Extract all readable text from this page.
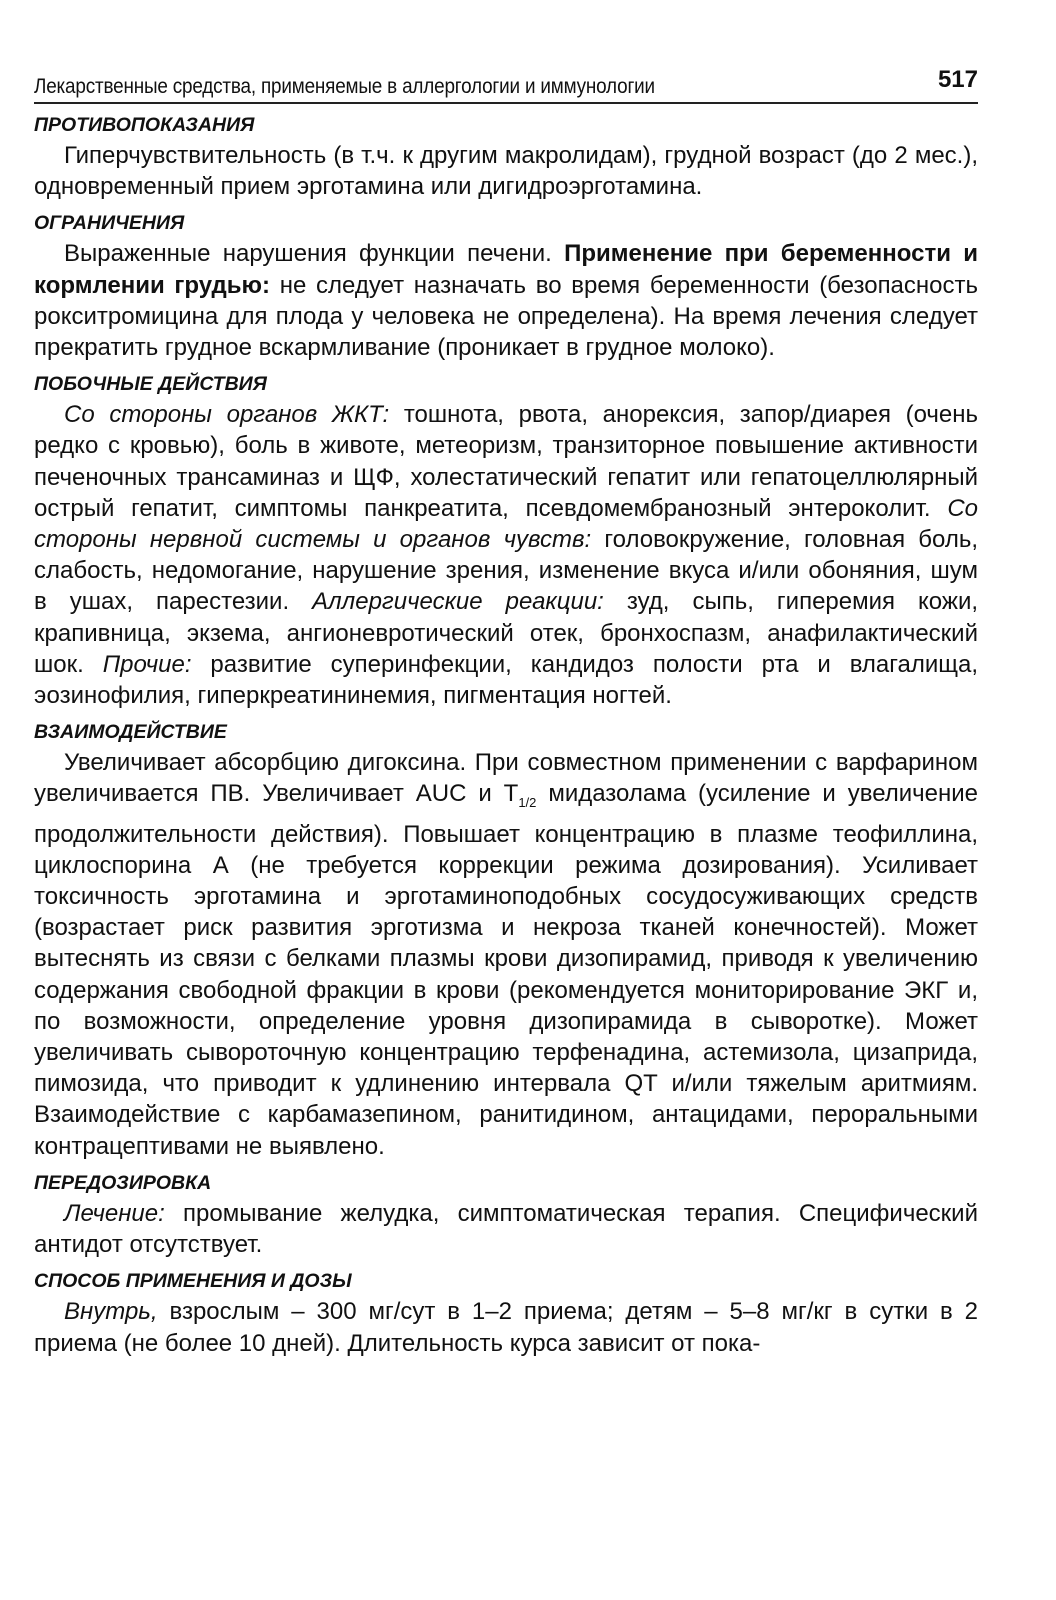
Лекарственные средства, применяемые в аллергологии и иммунологии	517
ПРОТИВОПОКАЗАНИЯ

Гиперчувствительность (в т.ч. к другим макролидам), грудной возраст (до 2 мес.), одновременный прием эрготамина или дигидроэрготамина.

ОГРАНИЧЕНИЯ

Выраженные нарушения функции печени. Применение при беременности и кормлении грудью: не следует назначать во время беременности (безопасность рокситромицина для плода у человека не определена). На время лечения следует прекратить грудное вскармливание (проникает в грудное молоко).

ПОБОЧНЫЕ ДЕЙСТВИЯ

Со стороны органов ЖКТ: тошнота, рвота, анорексия, запор/диарея (очень редко с кровью), боль в животе, метеоризм, транзиторное повышение активности печеночных трансаминаз и ЩФ, холестатический гепатит или гепатоцеллюлярный острый гепатит, симптомы панкреатита, псевдомембранозный энтероколит. Со стороны нервной системы и органов чувств: головокружение, головная боль, слабость, недомогание, нарушение зрения, изменение вкуса и/или обоняния, шум в ушах, парестезии. Аллергические реакции: зуд, сыпь, гиперемия кожи, крапивница, экзема, ангионевротический отек, бронхоспазм, анафилактический шок. Прочие: развитие суперинфекции, кандидоз полости рта и влагалища, эозинофилия, гиперкреатининемия, пигментация ногтей.

ВЗАИМОДЕЙСТВИЕ

Увеличивает абсорбцию дигоксина. При совместном применении с варфарином увеличивается ПВ. Увеличивает AUC и $T_{1/2}$ мидазолама (усиление и увеличение продолжительности действия). Повышает концентрацию в плазме теофиллина, циклоспорина А (не требуется коррекции режима дозирования). Усиливает токсичность эрготамина и эрготаминоподобных сосудосуживающих средств (возрастает риск развития эрготизма и некроза тканей конечностей). Может вытеснять из связи с белками плазмы крови дизопирамид, приводя к увеличению содержания свободной фракции в крови (рекомендуется мониторирование ЭКГ и, по возможности, определение уровня дизопирамида в сыворотке). Может увеличивать сывороточную концентрацию терфенадина, астемизола, цизаприда, пимозида, что приводит к удлинению интервала QT и/или тяжелым аритмиям. Взаимодействие с карбамазепином, ранитидином, антацидами, пероральными контрацептивами не выявлено.

ПЕРЕДОЗИРОВКА

Лечение: промывание желудка, симптоматическая терапия. Специфический антидот отсутствует.

СПОСОБ ПРИМЕНЕНИЯ И ДОЗЫ

Внутрь, взрослым – 300 мг/сут в 1–2 приема; детям – 5–8 мг/кг в сутки в 2 приема (не более 10 дней). Длительность курса зависит от пока-
